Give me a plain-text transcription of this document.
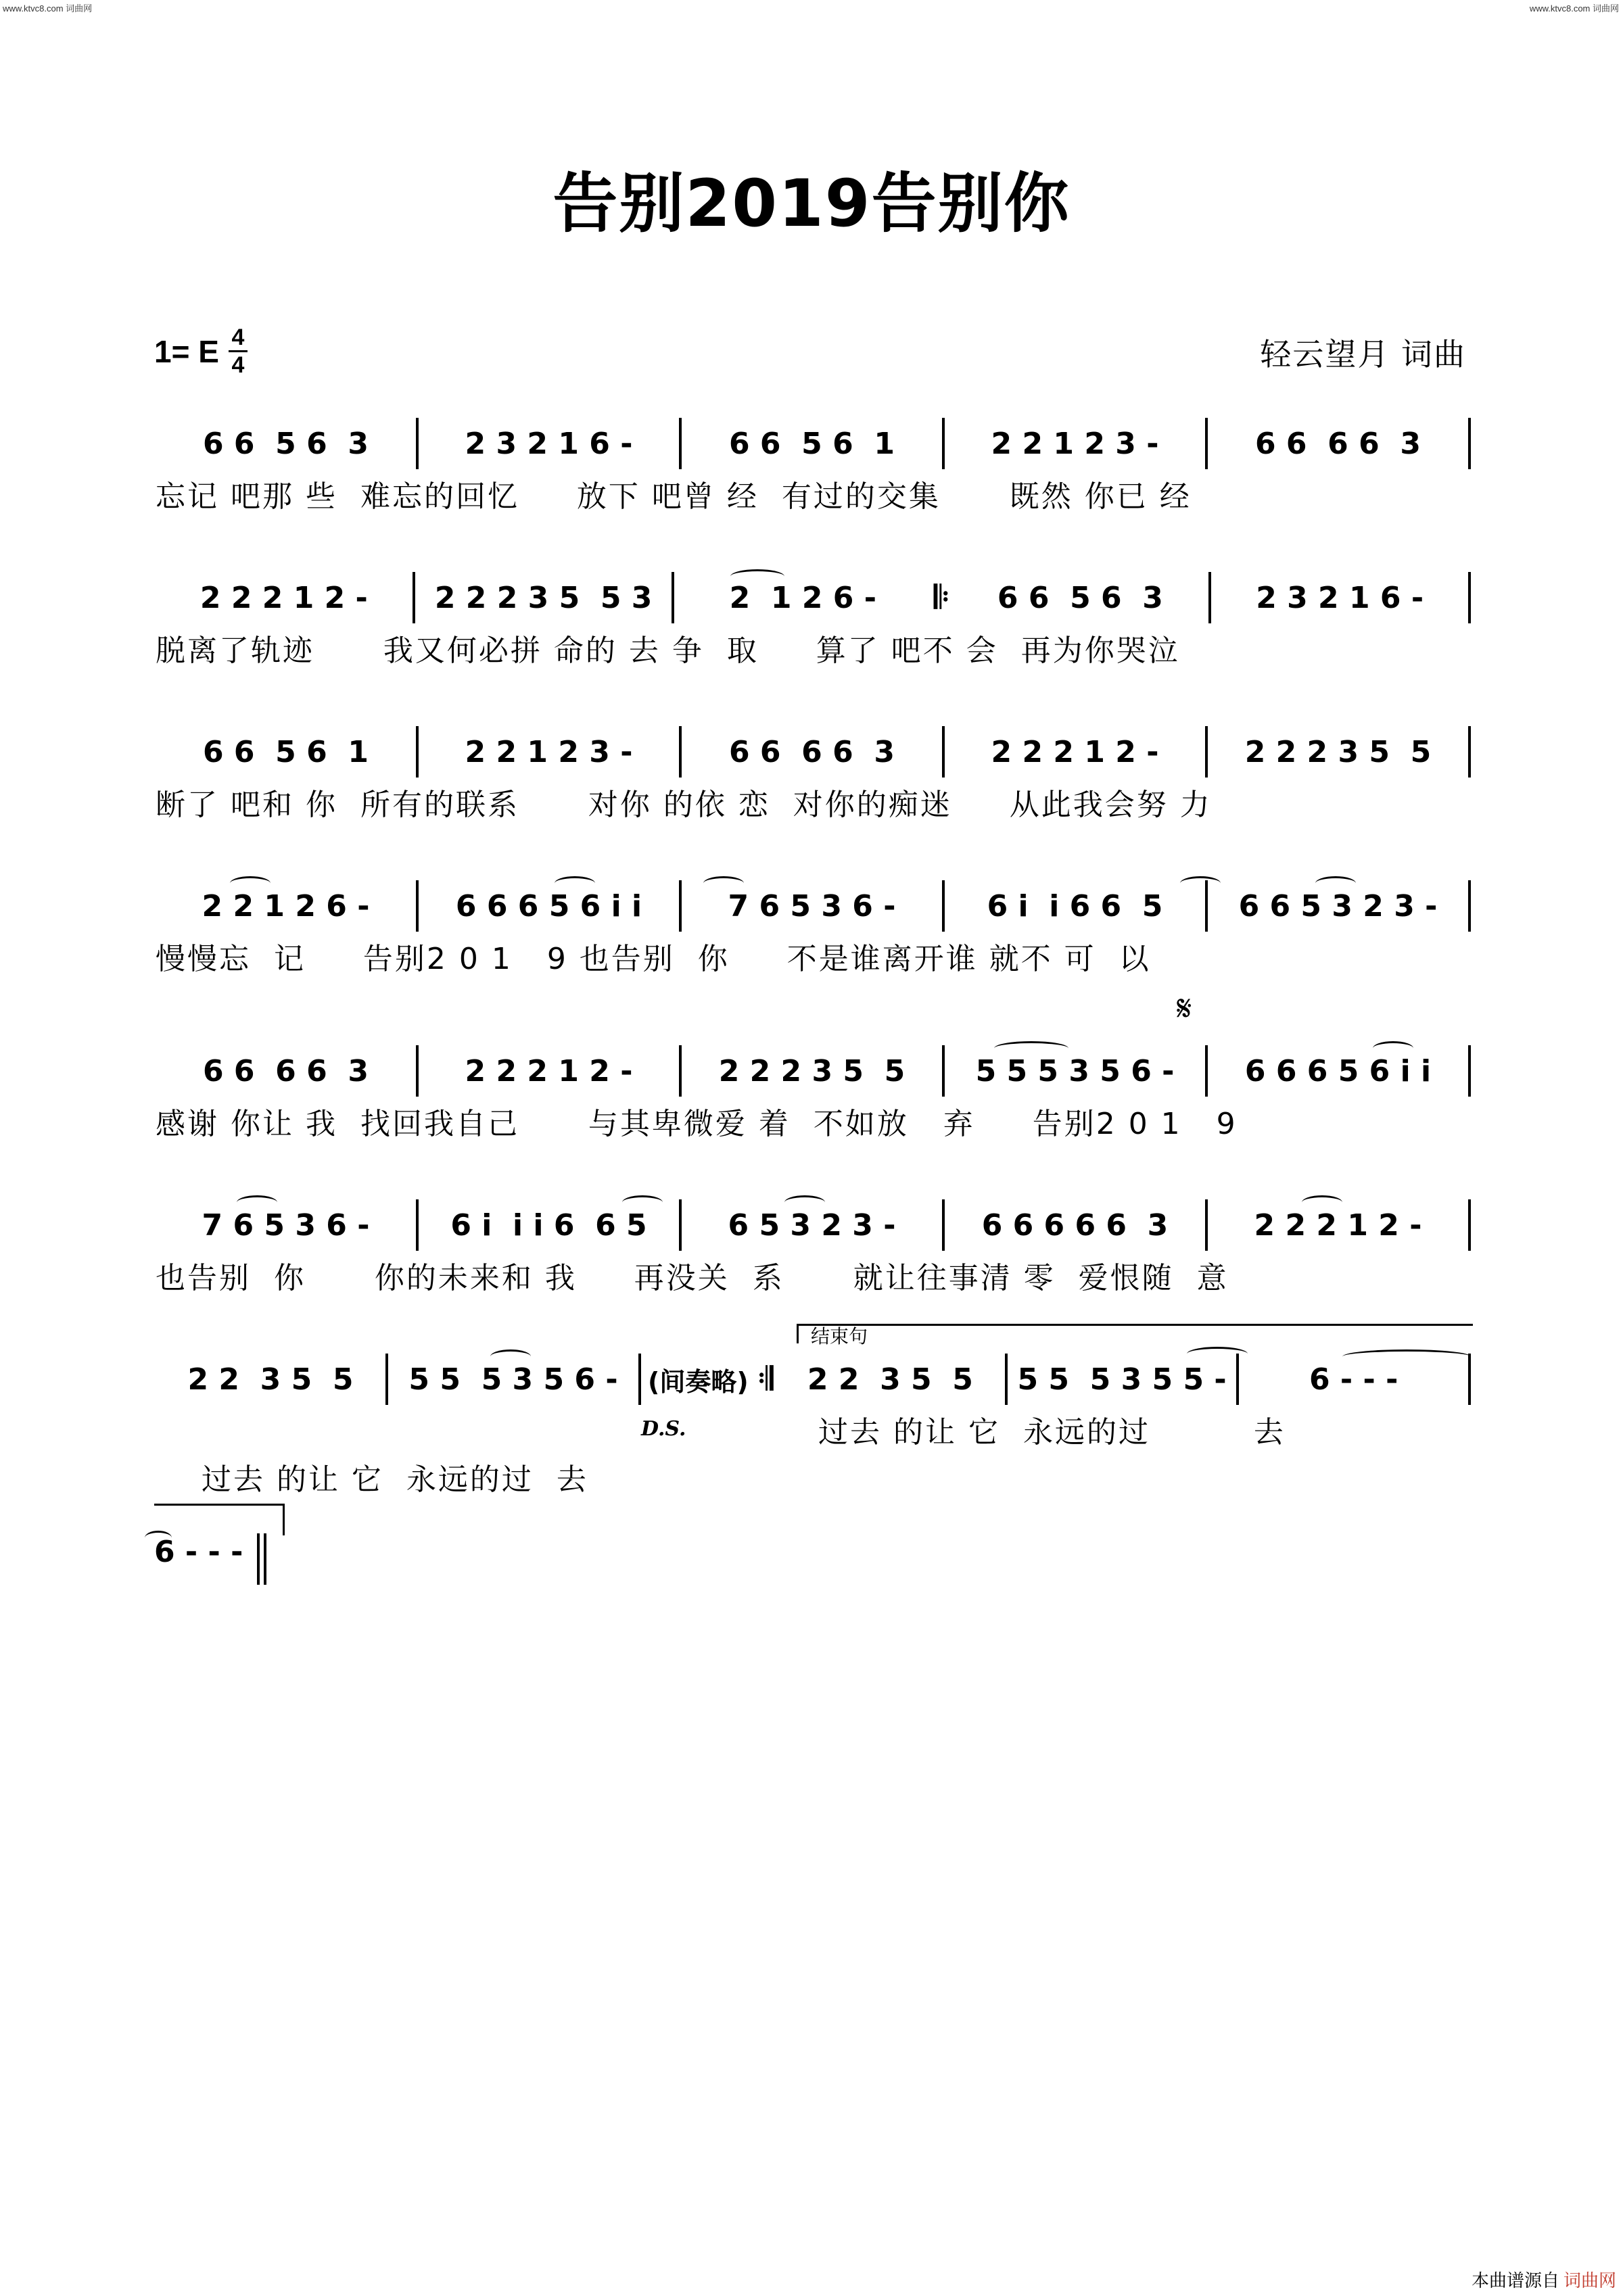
www.ktvc8.com 词曲网	www.ktvc8.com 词曲网
告别2019告别你
1= E 4
4	轻云望月 词曲
6 6  5 6  3	2 3 2 1 6 -	6 6  5 6  1	2 2 1 2 3 -	6 6  6 6  3
忘记 吧那 些  难忘的回忆     放下 吧曾 经  有过的交集      既然 你已 经
2 2 2 1 2 -	2 2 2 3 5  5 3	2  1 2 6 -	𝄆	6 6  5 6  3	2 3 2 1 6 -
脱离了轨迹      我又何必拼 命的 去 争  取     算了 吧不 会  再为你哭泣
6 6  5 6  1	2 2 1 2 3 -	6 6  6 6  3	2 2 2 1 2 -	2 2 2 3 5  5
断了 吧和 你  所有的联系      对你 的依 恋  对你的痴迷     从此我会努 力
2 2 1 2 6 -	6 6 6 5 6 i i	7 6 5 3 6 -	6 i  i 6 6  5	6 6 5 3 2 3 -
慢慢忘  记     告别2 0 1   9 也告别  你     不是谁离开谁 就不 可  以
6 6  6 6  3	2 2 2 1 2 -	2 2 2 3 5  5	5 5 5 3 5 6 -	6 6 6 5 6 i i
感谢 你让 我  找回我自己      与其卑微爱 着  不如放   弃     告别2 0 1   9
𝄋
7 6 5 3 6 -	6 i  i i 6  6 5	6 5 3 2 3 -	6 6 6 6 6  3	2 2 2 1 2 -
也告别  你      你的未来和 我     再没关  系      就让往事清 零  爱恨随  意
结束句
2 2  3 5  5	5 5  5 3 5 6 -	(间奏略) 𝄇	2 2  3 5  5	5 5  5 3 5 5 -	6 - - -

过去 的让 它  永远的过  去

过去 的让 它  永远的过         去

D.S.
6 - - -
本曲谱源自 词曲网
